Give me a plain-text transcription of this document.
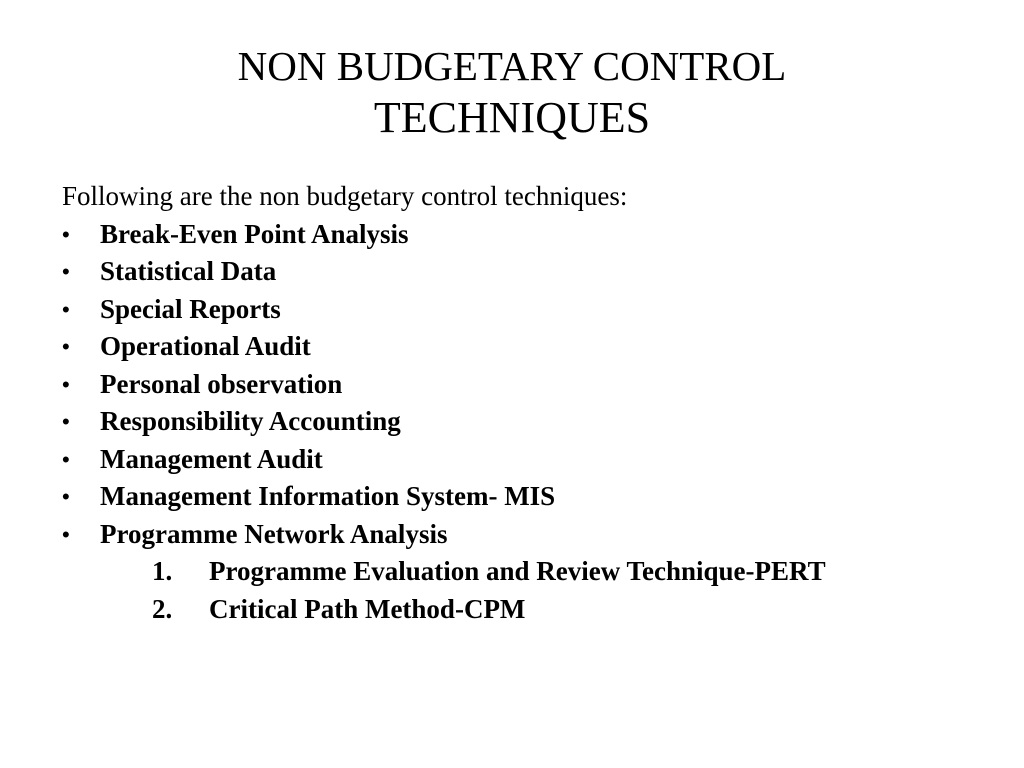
NON BUDGETARY CONTROL
TECHNIQUES
Following are the non budgetary control techniques:
• Break-Even Point Analysis
• Statistical Data
• Special Reports
• Operational Audit
• Personal observation
• Responsibility Accounting
• Management Audit
• Management Information System- MIS
• Programme Network Analysis
1. Programme Evaluation and Review Technique-PERT
2. Critical Path Method-CPM
